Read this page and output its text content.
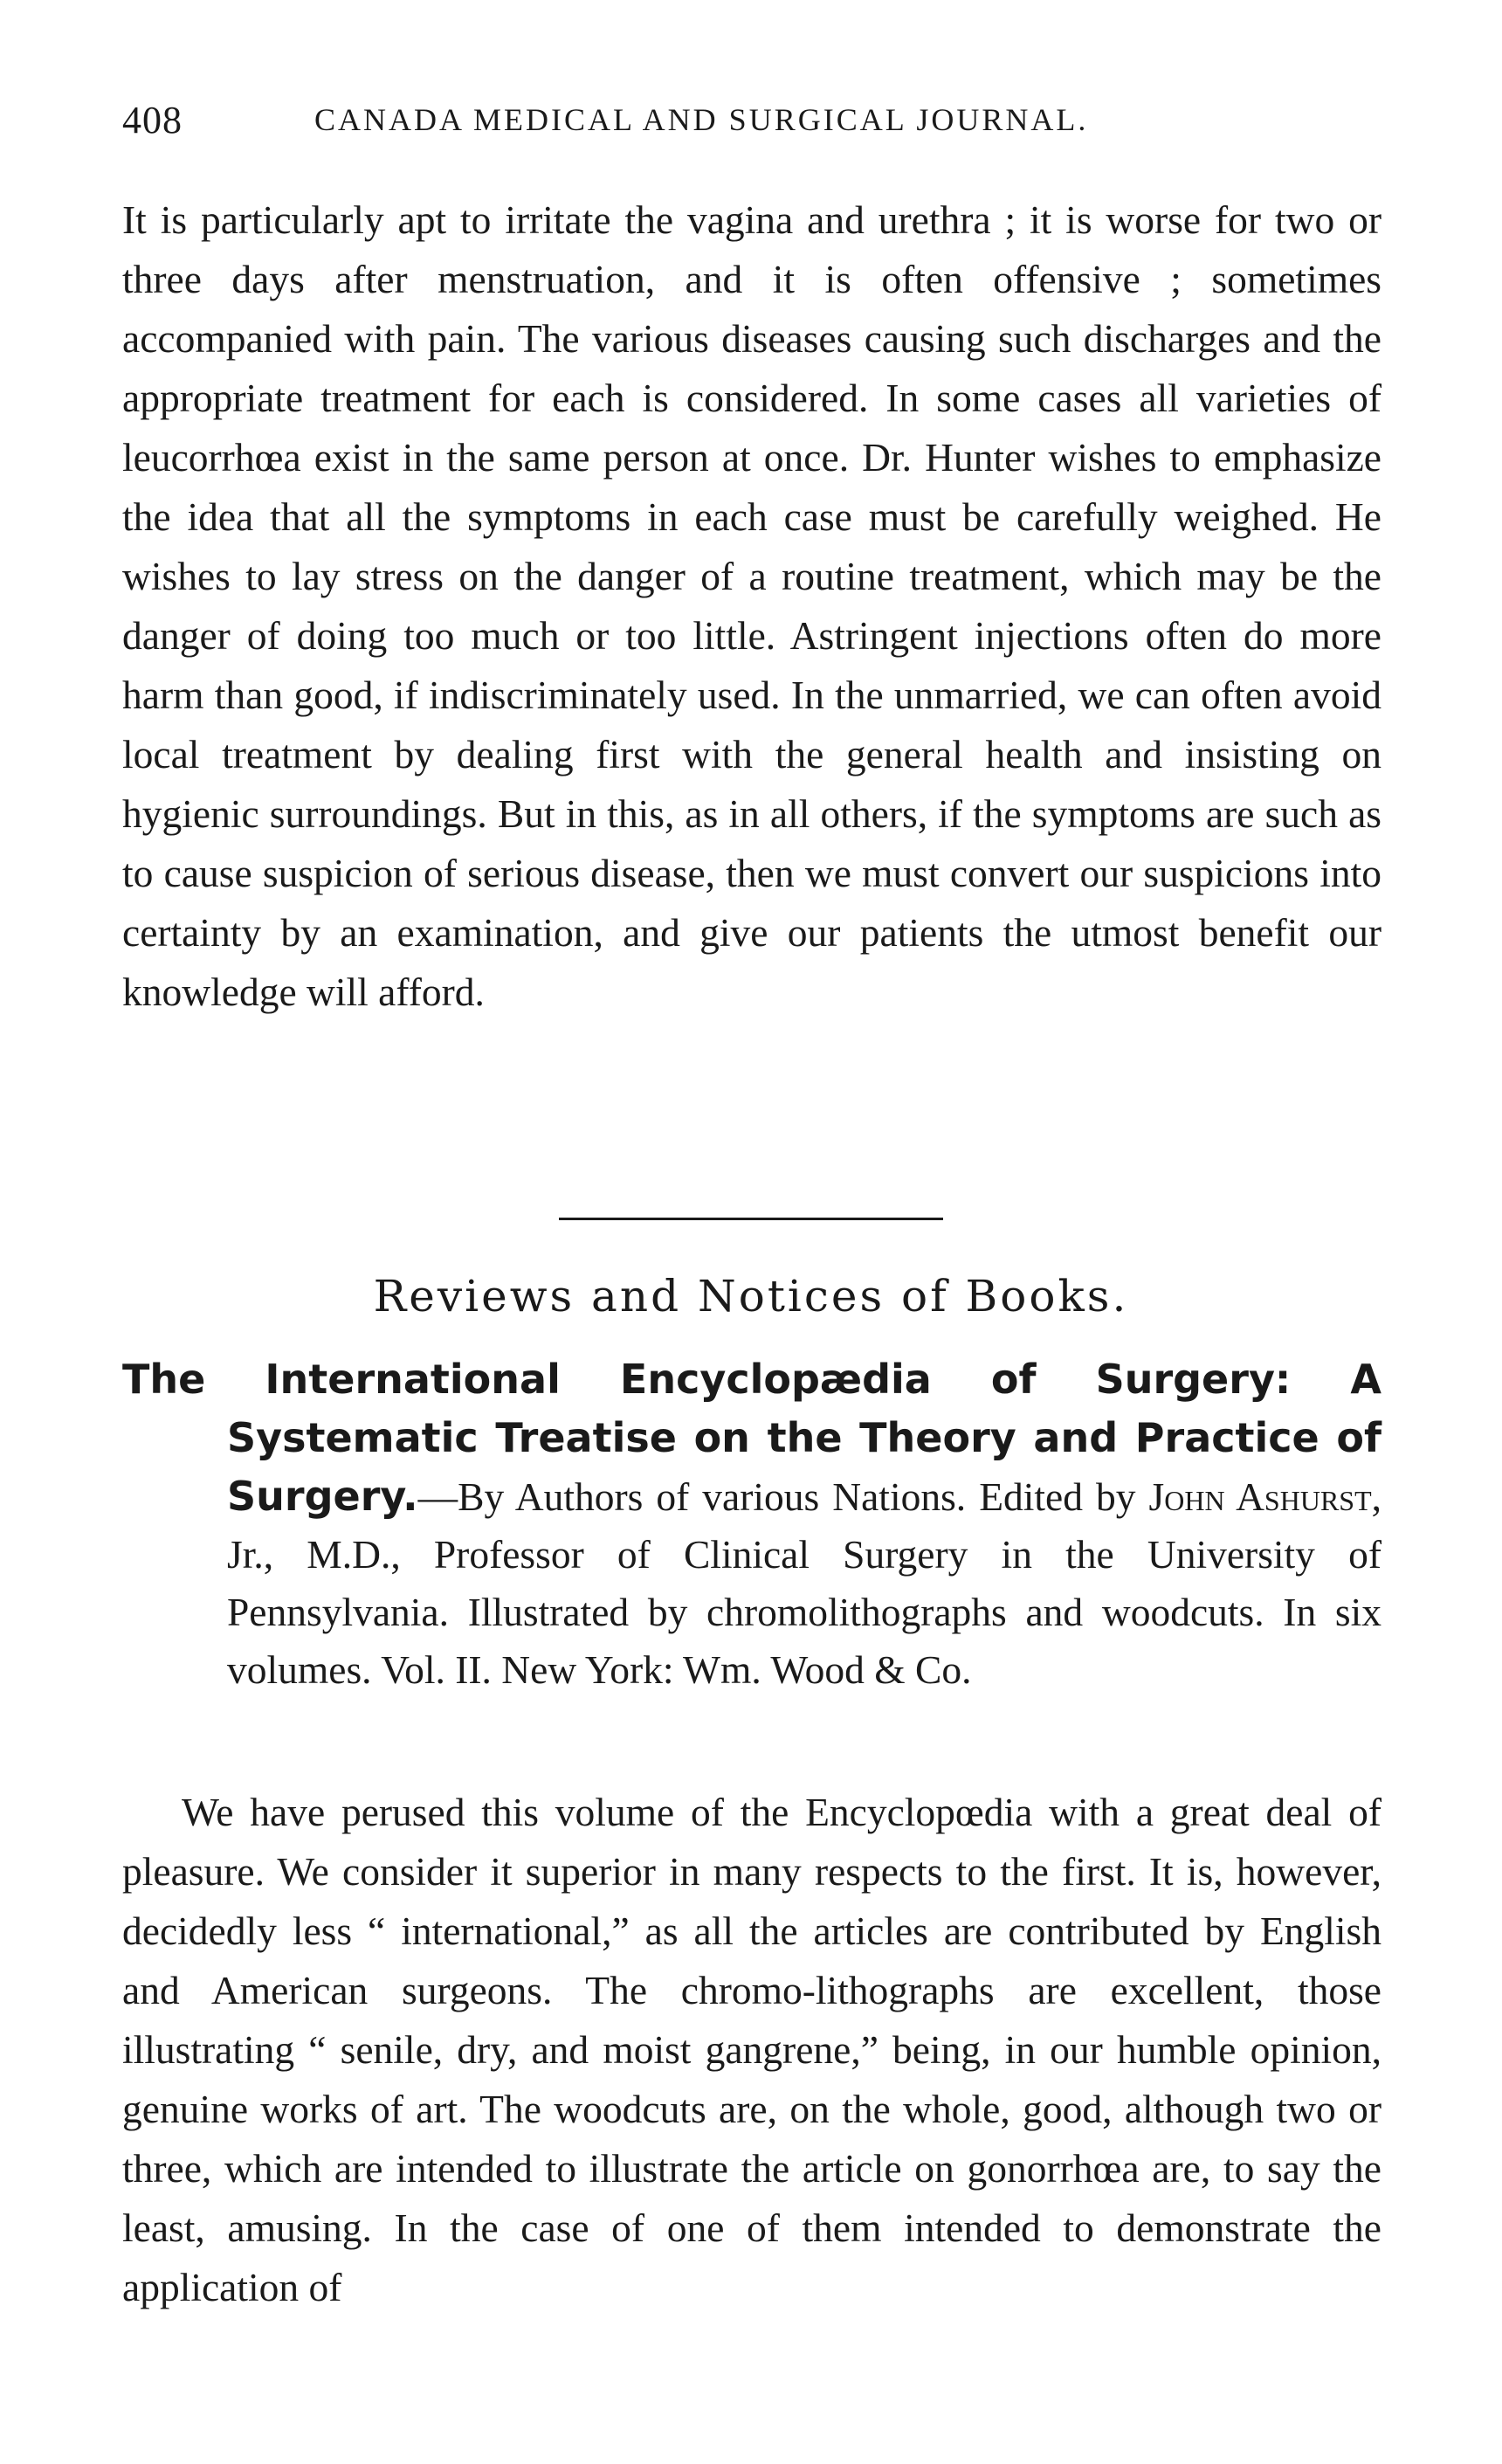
408	CANADA MEDICAL AND SURGICAL JOURNAL.

It is particularly apt to irritate the vagina and urethra ; it is worse for two or three days after menstruation, and it is often offensive ; sometimes accompanied with pain. The various diseases causing such discharges and the appropriate treatment for each is considered. In some cases all varieties of leucorrhœa exist in the same person at once. Dr. Hunter wishes to emphasize the idea that all the symptoms in each case must be carefully weighed. He wishes to lay stress on the danger of a routine treatment, which may be the danger of doing too much or too little. Astringent injections often do more harm than good, if indiscriminately used. In the unmarried, we can often avoid local treatment by dealing first with the general health and insisting on hygienic surroundings. But in this, as in all others, if the symptoms are such as to cause suspicion of serious disease, then we must convert our suspicions into certainty by an examination, and give our patients the utmost benefit our knowledge will afford.

Reviews and Notices of Books.
The International Encyclopædia of Surgery: A Systematic Treatise on the Theory and Practice of Surgery.—By Authors of various Nations. Edited by John Ashurst, Jr., M.D., Professor of Clinical Surgery in the University of Pennsylvania. Illustrated by chromolithographs and woodcuts. In six volumes. Vol. II. New York: Wm. Wood & Co.

We have perused this volume of the Encyclopœdia with a great deal of pleasure. We consider it superior in many respects to the first. It is, however, decidedly less “ international,” as all the articles are contributed by English and American surgeons. The chromo-lithographs are excellent, those illustrating “ senile, dry, and moist gangrene,” being, in our humble opinion, genuine works of art. The woodcuts are, on the whole, good, although two or three, which are intended to illustrate the article on gonorrhœa are, to say the least, amusing. In the case of one of them intended to demonstrate the application of
